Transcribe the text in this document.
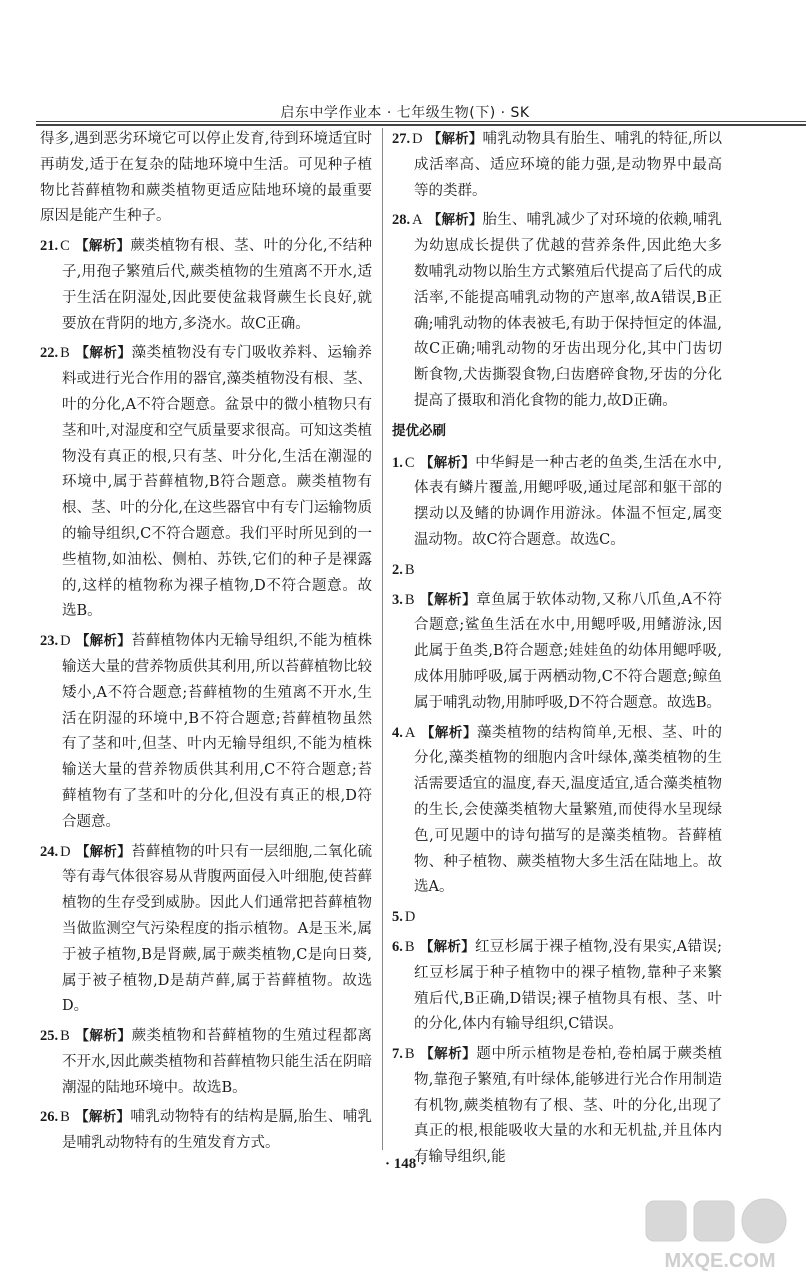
启东中学作业本 · 七年级生物(下) · SK

得多,遇到恶劣环境它可以停止发育,待到环境适宜时再萌发,适于在复杂的陆地环境中生活。可见种子植物比苔藓植物和蕨类植物更适应陆地环境的最重要原因是能产生种子。

21. C 【解析】蕨类植物有根、茎、叶的分化,不结种子,用孢子繁殖后代,蕨类植物的生殖离不开水,适于生活在阴湿处,因此要使盆栽肾蕨生长良好,就要放在背阴的地方,多浇水。故C正确。

22. B 【解析】藻类植物没有专门吸收养料、运输养料或进行光合作用的器官,藻类植物没有根、茎、叶的分化,A不符合题意。盆景中的微小植物只有茎和叶,对湿度和空气质量要求很高。可知这类植物没有真正的根,只有茎、叶分化,生活在潮湿的环境中,属于苔藓植物,B符合题意。蕨类植物有根、茎、叶的分化,在这些器官中有专门运输物质的输导组织,C不符合题意。我们平时所见到的一些植物,如油松、侧柏、苏铁,它们的种子是裸露的,这样的植物称为裸子植物,D不符合题意。故选B。

23. D 【解析】苔藓植物体内无输导组织,不能为植株输送大量的营养物质供其利用,所以苔藓植物比较矮小,A不符合题意;苔藓植物的生殖离不开水,生活在阴湿的环境中,B不符合题意;苔藓植物虽然有了茎和叶,但茎、叶内无输导组织,不能为植株输送大量的营养物质供其利用,C不符合题意;苔藓植物有了茎和叶的分化,但没有真正的根,D符合题意。

24. D 【解析】苔藓植物的叶只有一层细胞,二氧化硫等有毒气体很容易从背腹两面侵入叶细胞,使苔藓植物的生存受到威胁。因此人们通常把苔藓植物当做监测空气污染程度的指示植物。A是玉米,属于被子植物,B是肾蕨,属于蕨类植物,C是向日葵,属于被子植物,D是葫芦藓,属于苔藓植物。故选D。

25. B 【解析】蕨类植物和苔藓植物的生殖过程都离不开水,因此蕨类植物和苔藓植物只能生活在阴暗潮湿的陆地环境中。故选B。

26. B 【解析】哺乳动物特有的结构是膈,胎生、哺乳是哺乳动物特有的生殖发育方式。

27. D 【解析】哺乳动物具有胎生、哺乳的特征,所以成活率高、适应环境的能力强,是动物界中最高等的类群。

28. A 【解析】胎生、哺乳减少了对环境的依赖,哺乳为幼崽成长提供了优越的营养条件,因此绝大多数哺乳动物以胎生方式繁殖后代提高了后代的成活率,不能提高哺乳动物的产崽率,故A错误,B正确;哺乳动物的体表被毛,有助于保持恒定的体温,故C正确;哺乳动物的牙齿出现分化,其中门齿切断食物,犬齿撕裂食物,臼齿磨碎食物,牙齿的分化提高了摄取和消化食物的能力,故D正确。

提优必刷

1. C 【解析】中华鲟是一种古老的鱼类,生活在水中,体表有鳞片覆盖,用鳃呼吸,通过尾部和躯干部的摆动以及鳍的协调作用游泳。体温不恒定,属变温动物。故C符合题意。故选C。

2. B

3. B 【解析】章鱼属于软体动物,又称八爪鱼,A不符合题意;鲨鱼生活在水中,用鳃呼吸,用鳍游泳,因此属于鱼类,B符合题意;娃娃鱼的幼体用鳃呼吸,成体用肺呼吸,属于两栖动物,C不符合题意;鲸鱼属于哺乳动物,用肺呼吸,D不符合题意。故选B。

4. A 【解析】藻类植物的结构简单,无根、茎、叶的分化,藻类植物的细胞内含叶绿体,藻类植物的生活需要适宜的温度,春天,温度适宜,适合藻类植物的生长,会使藻类植物大量繁殖,而使得水呈现绿色,可见题中的诗句描写的是藻类植物。苔藓植物、种子植物、蕨类植物大多生活在陆地上。故选A。

5. D

6. B 【解析】红豆杉属于裸子植物,没有果实,A错误;红豆杉属于种子植物中的裸子植物,靠种子来繁殖后代,B正确,D错误;裸子植物具有根、茎、叶的分化,体内有输导组织,C错误。

7. B 【解析】题中所示植物是卷柏,卷柏属于蕨类植物,靠孢子繁殖,有叶绿体,能够进行光合作用制造有机物,蕨类植物有了根、茎、叶的分化,出现了真正的根,根能吸收大量的水和无机盐,并且体内有输导组织,能

· 148 ·
MXQE.COM
